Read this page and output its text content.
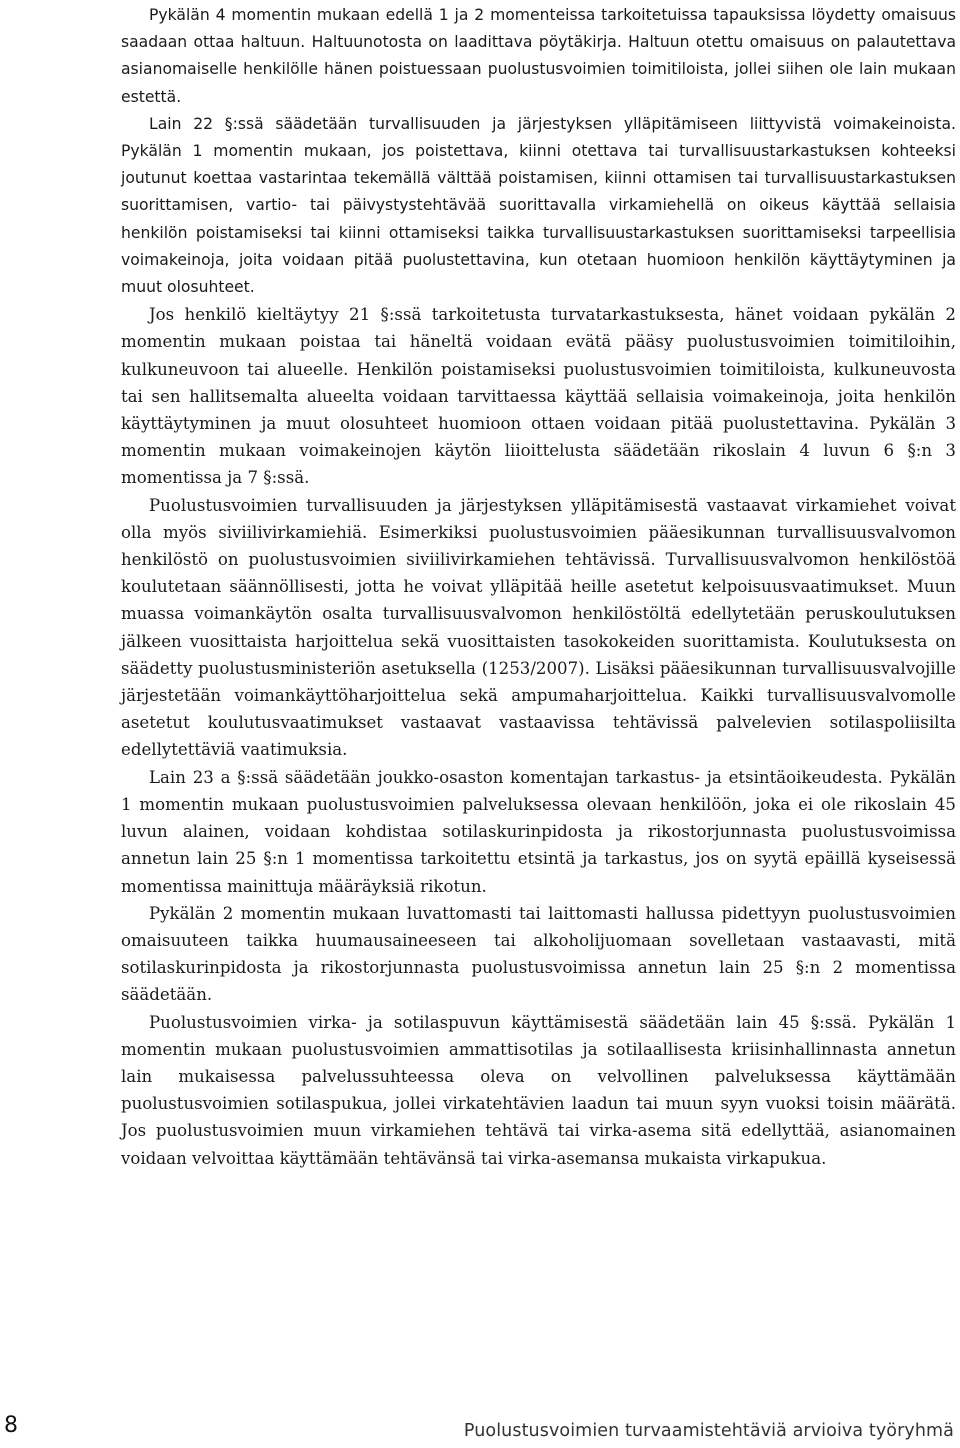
Pykälän 4 momentin mukaan edellä 1 ja 2 momenteissa tarkoitetuissa tapauksissa löydetty omaisuus saadaan ottaa haltuun. Haltuunotosta on laadittava pöytäkirja. Haltuun otettu omaisuus on palautettava asianomaiselle henkilölle hänen poistuessaan puolustusvoimien toimitiloista, jollei siihen ole lain mukaan estettä.

Lain 22 §:ssä säädetään turvallisuuden ja järjestyksen ylläpitämiseen liittyvistä voimakeinoista. Pykälän 1 momentin mukaan, jos poistettava, kiinni otettava tai turvallisuustarkastuksen kohteeksi joutunut koettaa vastarintaa tekemällä välttää poistamisen, kiinni ottamisen tai turvallisuustarkastuksen suorittamisen, vartio- tai päivystystehtävää suorittavalla virkamiehellä on oikeus käyttää sellaisia henkilön poistamiseksi tai kiinni ottamiseksi taikka turvallisuustarkastuksen suorittamiseksi tarpeellisia voimakeinoja, joita voidaan pitää puolustettavina, kun otetaan huomioon henkilön käyttäytyminen ja muut olosuhteet.

Jos henkilö kieltäytyy 21 §:ssä tarkoitetusta turvatarkastuksesta, hänet voidaan pykälän 2 momentin mukaan poistaa tai häneltä voidaan evätä pääsy puolustusvoimien toimitiloihin, kulkuneuvoon tai alueelle. Henkilön poistamiseksi puolustusvoimien toimitiloista, kulkuneuvosta tai sen hallitsemalta alueelta voidaan tarvittaessa käyttää sellaisia voimakeinoja, joita henkilön käyttäytyminen ja muut olosuhteet huomioon ottaen voidaan pitää puolustettavina. Pykälän 3 momentin mukaan voimakeinojen käytön liioittelusta säädetään rikoslain 4 luvun 6 §:n 3 momentissa ja 7 §:ssä.

Puolustusvoimien turvallisuuden ja järjestyksen ylläpitämisestä vastaavat virkamiehet voivat olla myös siviilivirkamiehiä. Esimerkiksi puolustusvoimien pääesikunnan turvallisuusvalvomon henkilöstö on puolustusvoimien siviilivirkamiehen tehtävissä. Turvallisuusvalvomon henkilöstöä koulutetaan säännöllisesti, jotta he voivat ylläpitää heille asetetut kelpoisuusvaatimukset. Muun muassa voimankäytön osalta turvallisuusvalvomon henkilöstöltä edellytetään peruskoulutuksen jälkeen vuosittaista harjoittelua sekä vuosittaisten tasokokeiden suorittamista. Koulutuksesta on säädetty puolustusministeriön asetuksella (1253/2007). Lisäksi pääesikunnan turvallisuusvalvojille järjestetään voimankäyttöharjoittelua sekä ampumaharjoittelua. Kaikki turvallisuusvalvomolle asetetut koulutusvaatimukset vastaavat vastaavissa tehtävissä palvelevien sotilaspoliisilta edellytettäviä vaatimuksia.

Lain 23 a §:ssä säädetään joukko-osaston komentajan tarkastus- ja etsintäoikeudesta. Pykälän 1 momentin mukaan puolustusvoimien palveluksessa olevaan henkilöön, joka ei ole rikoslain 45 luvun alainen, voidaan kohdistaa sotilaskurinpidosta ja rikostorjunnasta puolustusvoimissa annetun lain 25 §:n 1 momentissa tarkoitettu etsintä ja tarkastus, jos on syytä epäillä kyseisessä momentissa mainittuja määräyksiä rikotun.

Pykälän 2 momentin mukaan luvattomasti tai laittomasti hallussa pidettyyn puolustusvoimien omaisuuteen taikka huumausaineeseen tai alkoholijuomaan sovelletaan vastaavasti, mitä sotilaskurinpidosta ja rikostorjunnasta puolustusvoimissa annetun lain 25 §:n 2 momentissa säädetään.

Puolustusvoimien virka- ja sotilaspuvun käyttämisestä säädetään lain 45 §:ssä. Pykälän 1 momentin mukaan puolustusvoimien ammattisotilas ja sotilaallisesta kriisinhallinnasta annetun lain mukaisessa palvelussuhteessa oleva on velvollinen palveluksessa käyttämään puolustusvoimien sotilaspukua, jollei virkatehtävien laadun tai muun syyn vuoksi toisin määrätä. Jos puolustusvoimien muun virkamiehen tehtävä tai virka-asema sitä edellyttää, asianomainen voidaan velvoittaa käyttämään tehtävänsä tai virka-asemansa mukaista virkapukua.

8	Puolustusvoimien turvaamistehtäviä arvioiva työryhmä
